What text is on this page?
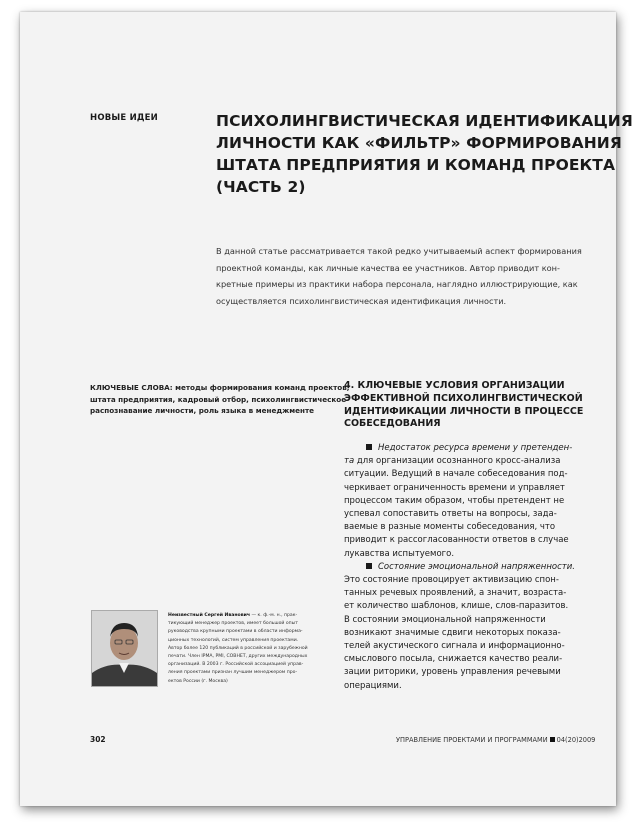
НОВЫЕ ИДЕИ	ПСИХОЛИНГВИСТИЧЕСКАЯ ИДЕНТИФИКАЦИЯ
ЛИЧНОСТИ КАК «ФИЛЬТР» ФОРМИРОВАНИЯ
ШТАТА ПРЕДПРИЯТИЯ И КОМАНД ПРОЕКТА
(ЧАСТЬ 2)
В данной статье рассматривается такой редко учитываемый аспект формирования
проектной команды, как личные качества ее участников. Автор приводит кон-
кретные примеры из практики набора персонала, наглядно иллюстрирующие, как
осуществляется психолингвистическая идентификация личности.
КЛЮЧЕВЫЕ СЛОВА: методы формирования команд проектов,
штата предприятия, кадровый отбор, психолингвистическое
распознавание личности, роль языка в менеджменте
4. КЛЮЧЕВЫЕ УСЛОВИЯ ОРГАНИЗАЦИИ
ЭФФЕКТИВНОЙ ПСИХОЛИНГВИСТИЧЕСКОЙ
ИДЕНТИФИКАЦИИ ЛИЧНОСТИ В ПРОЦЕССЕ
СОБЕСЕДОВАНИЯ
Недостаток ресурса времени у претенден-
та для организации осознанного кросс-анализа
ситуации. Ведущий в начале собеседования под-
черкивает ограниченность времени и управляет
процессом таким образом, чтобы претендент не
успевал сопоставить ответы на вопросы, зада-
ваемые в разные моменты собеседования, что
приводит к рассогласованности ответов в случае
лукавства испытуемого.
Состояние эмоциональной напряженности.
Это состояние провоцирует активизацию спон-
танных речевых проявлений, а значит, возраста-
ет количество шаблонов, клише, слов-паразитов.
В состоянии эмоциональной напряженности
возникают значимые сдвиги некоторых показа-
телей акустического сигнала и информационно-
смыслового посыла, снижается качество реали-
зации риторики, уровень управления речевыми
операциями.
Неизвестный Сергей Иванович — к. ф.-м. н., прак-
тикующий менеджер проектов, имеет большой опыт
руководства крупными проектами в области информа-
ционных технологий, систем управления проектами.
Автор более 120 публикаций в российской и зарубежной
печати. Член IPMA, PMI, СОВНЕТ, других международных
организаций. В 2003 г. Российской ассоциацией управ-
ления проектами признан лучшим менеджером про-
ектов России (г. Москва)
302	УПРАВЛЕНИЕ ПРОЕКТАМИ И ПРОГРАММАМИ 04(20)2009
